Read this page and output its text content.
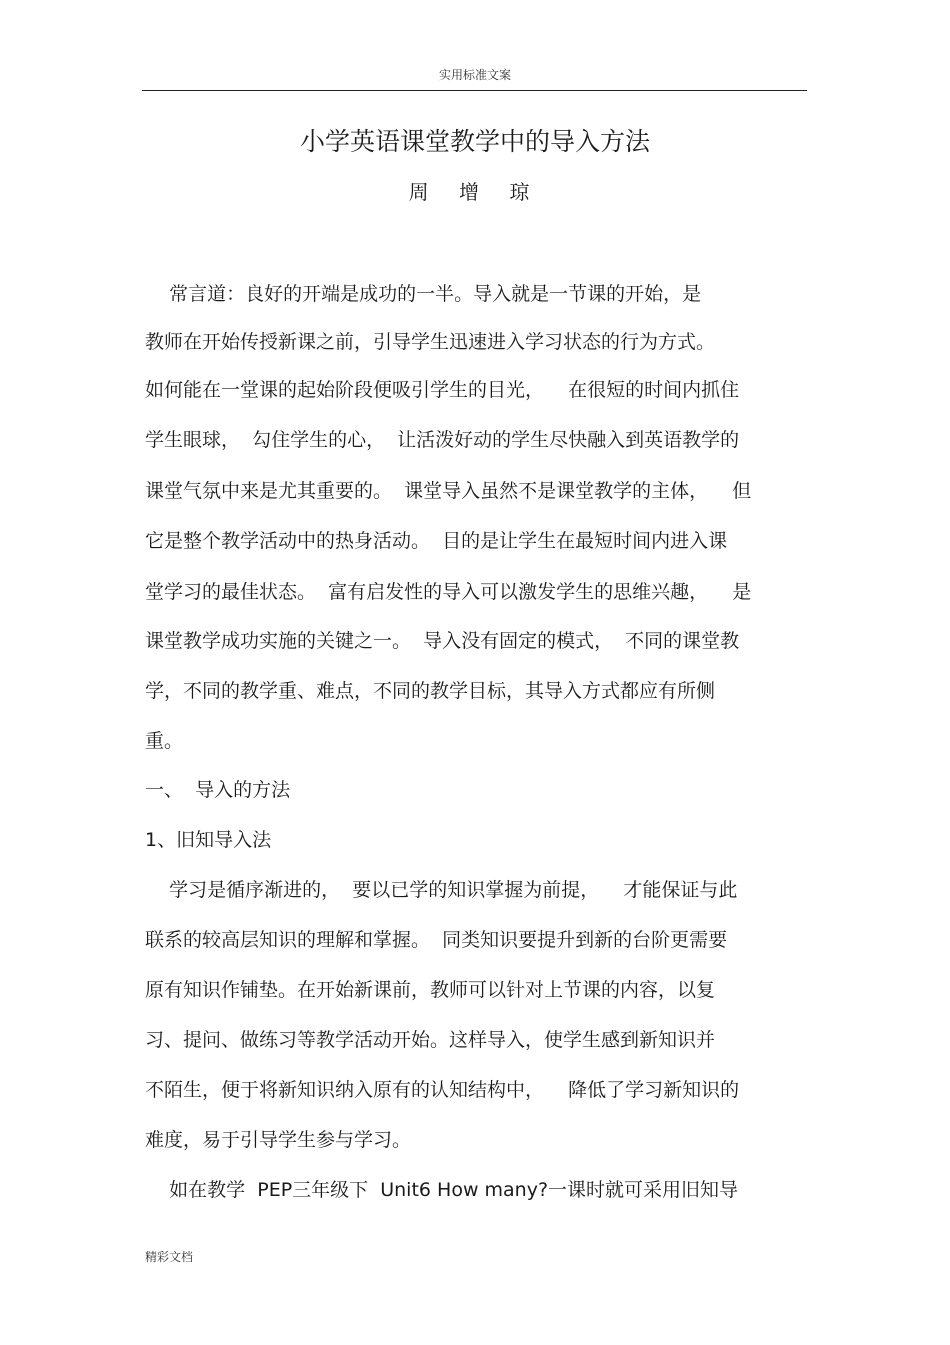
实用标准文案
小学英语课堂教学中的导入方法
周 增 琼
常言道：良好的开端是成功的一半。导入就是一节课的开始，是
教师在开始传授新课之前，引导学生迅速进入学习状态的行为方式。
如何能在一堂课的起始阶段便吸引学生的目光，    在很短的时间内抓住
学生眼球，  勾住学生的心，  让活泼好动的学生尽快融入到英语教学的
课堂气氛中来是尤其重要的。  课堂导入虽然不是课堂教学的主体，    但
它是整个教学活动中的热身活动。  目的是让学生在最短时间内进入课
堂学习的最佳状态。  富有启发性的导入可以激发学生的思维兴趣，    是
课堂教学成功实施的关键之一。  导入没有固定的模式，  不同的课堂教
学，不同的教学重、难点，不同的教学目标，其导入方式都应有所侧
重。
一、  导入的方法
1、旧知导入法
学习是循序渐进的，  要以已学的知识掌握为前提，    才能保证与此
联系的较高层知识的理解和掌握。  同类知识要提升到新的台阶更需要
原有知识作铺垫。在开始新课前，教师可以针对上节课的内容，以复
习、提问、做练习等教学活动开始。这样导入，使学生感到新知识并
不陌生，便于将新知识纳入原有的认知结构中，    降低了学习新知识的
难度，易于引导学生参与学习。
如在教学  PEP三年级下  Unit6 How many?一课时就可采用旧知导
精彩文档
